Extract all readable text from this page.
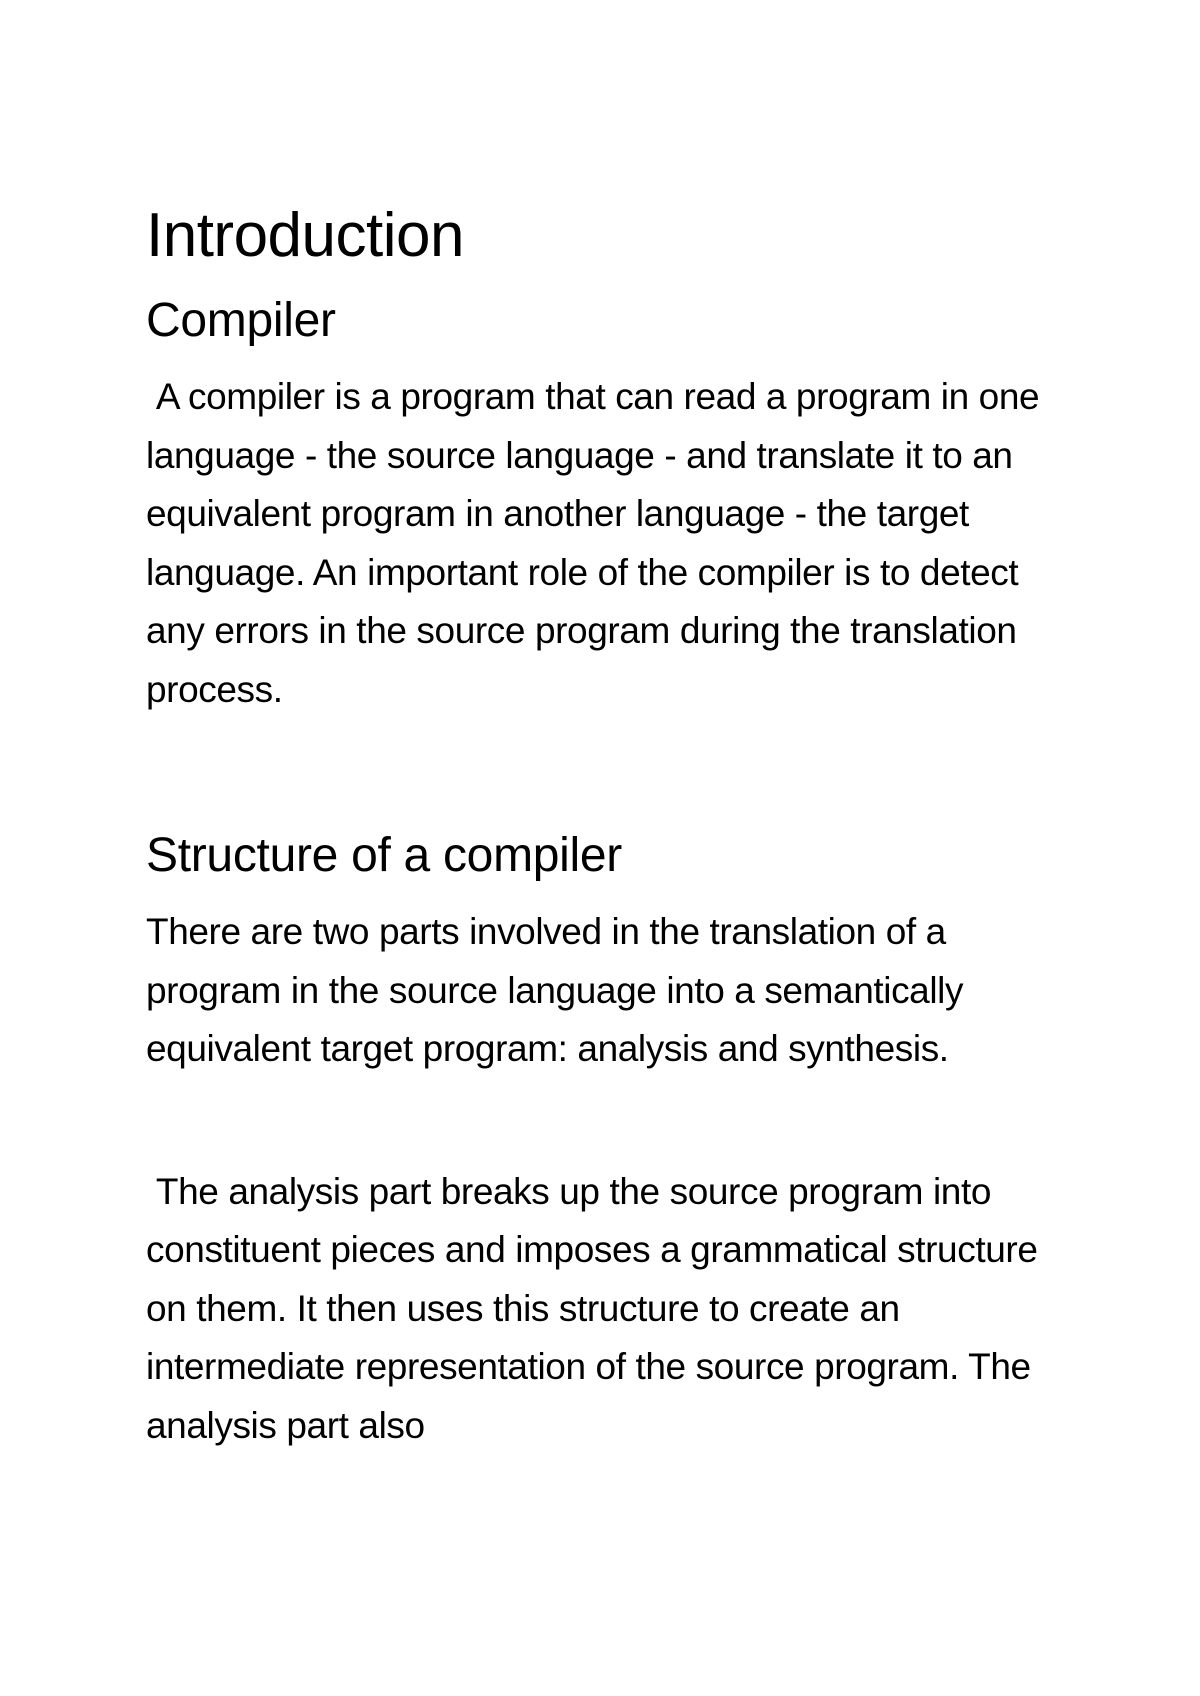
Introduction
Compiler

A compiler is a program that can read a program in one language - the source language - and translate it to an equivalent program in another language - the target language. An important role of the compiler is to detect any errors in the source program during the translation process.

Structure of a compiler

There are two parts involved in the translation of a program in the source language into a semantically equivalent target program: analysis and synthesis.

The analysis part breaks up the source program into constituent pieces and imposes a grammatical structure on them. It then uses this structure to create an intermediate representation of the source program. The analysis part also
